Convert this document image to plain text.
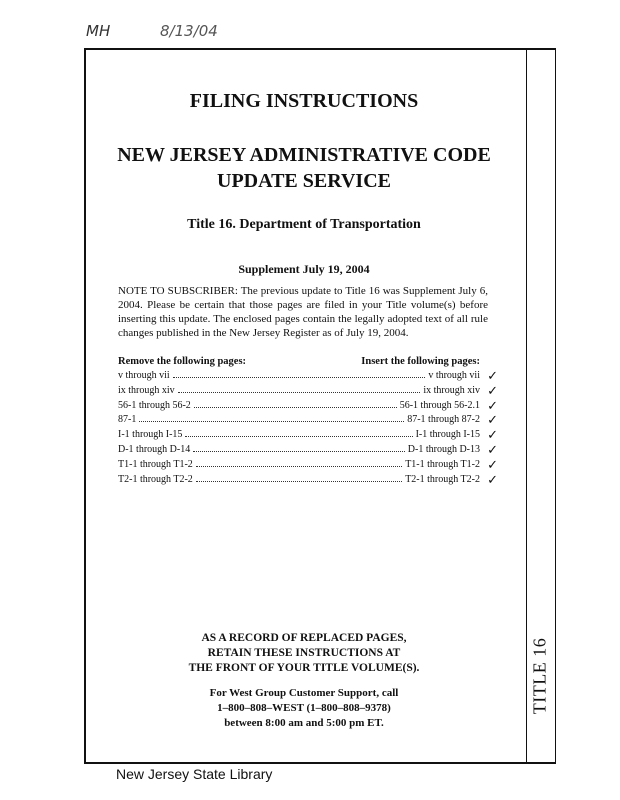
MH	8/13/04
TITLE 16
FILING INSTRUCTIONS
NEW JERSEY ADMINISTRATIVE CODE
UPDATE SERVICE
Title 16. Department of Transportation
Supplement July 19, 2004

NOTE TO SUBSCRIBER: The previous update to Title 16 was Supplement July 6, 2004. Please be certain that those pages are filed in your Title volume(s) before inserting this update. The enclosed pages contain the legally adopted text of all rule changes published in the New Jersey Register as of July 19, 2004.

Remove the following pages:	Insert the following pages:
v through vii	v through vii ✓
ix through xiv	ix through xiv ✓
56-1 through 56-2	56-1 through 56-2.1 ✓
87-1	87-1 through 87-2 ✓
I-1 through I-15	I-1 through I-15 ✓
D-1 through D-14	D-1 through D-13 ✓
T1-1 through T1-2	T1-1 through T1-2 ✓
T2-1 through T2-2	T2-1 through T2-2 ✓
AS A RECORD OF REPLACED PAGES,
RETAIN THESE INSTRUCTIONS AT
THE FRONT OF YOUR TITLE VOLUME(S).
For West Group Customer Support, call
1–800–808–WEST (1–800–808–9378)
between 8:00 am and 5:00 pm ET.
New Jersey State Library
